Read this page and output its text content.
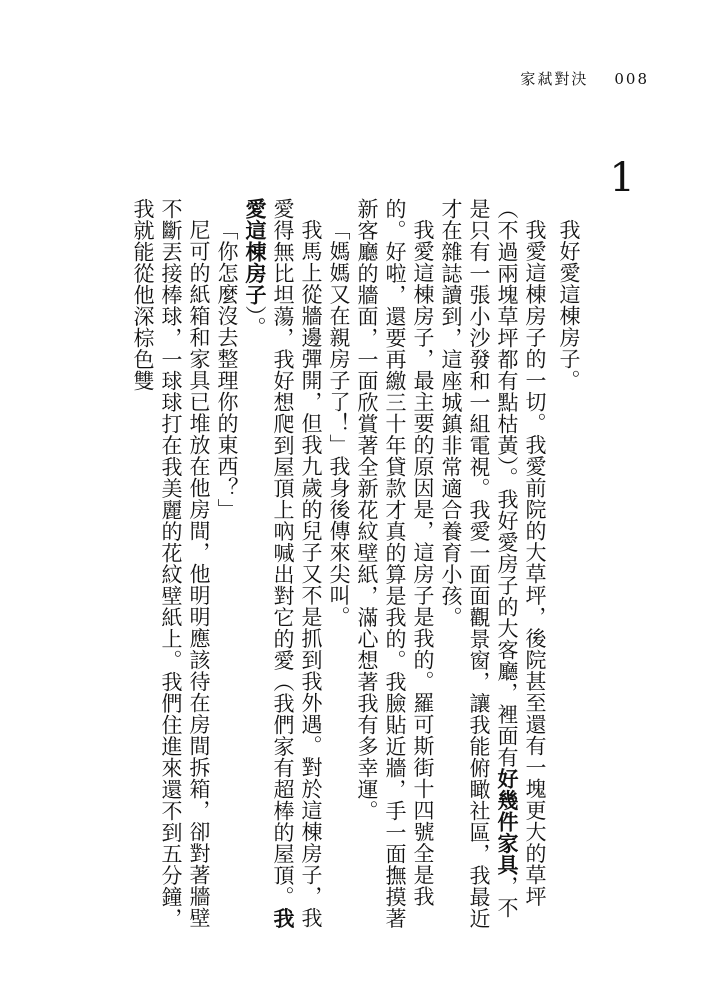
家弒對決 008
1

我好愛這棟房子。

我愛這棟房子的一切。我愛前院的大草坪，後院甚至還有一塊更大的草坪（不過兩塊草坪都有點枯黃）。我好愛房子的大客廳，裡面有好幾件家具，不是只有一張小沙發和一組電視。我愛一面面觀景窗，讓我能俯瞰社區，我最近才在雜誌讀到，這座城鎮非常適合養育小孩。

我愛這棟房子，最主要的原因是，這房子是我的。羅可斯街十四號全是我的。好啦，還要再繳三十年貸款才真的算是我的。我臉貼近牆，手一面撫摸著新客廳的牆面，一面欣賞著全新花紋壁紙，滿心想著我有多幸運。

「媽媽又在親房子了！」我身後傳來尖叫。

我馬上從牆邊彈開，但我九歲的兒子又不是抓到我外遇。對於這棟房子，我愛得無比坦蕩，我好想爬到屋頂上吶喊出對它的愛（我們家有超棒的屋頂。我愛這棟房子）。

「你怎麼沒去整理你的東西？」

尼可的紙箱和家具已堆放在他房間，他明明應該待在房間拆箱，卻對著牆壁不斷丟接棒球，一球球打在我美麗的花紋壁紙上。我們住進來還不到五分鐘，我就能從他深棕色雙
